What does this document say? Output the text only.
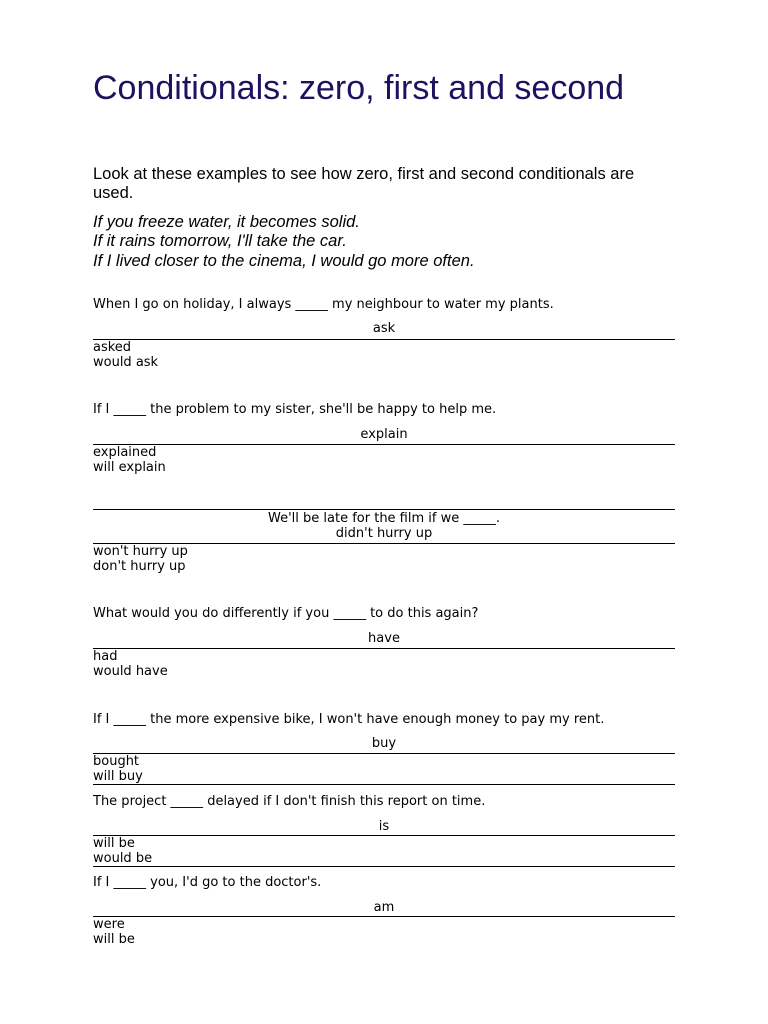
Conditionals: zero, first and second

Look at these examples to see how zero, first and second conditionals are used.

If you freeze water, it becomes solid.
If it rains tomorrow, I'll take the car.
If I lived closer to the cinema, I would go more often.
When I go on holiday, I always _____ my neighbour to water my plants.
ask
asked
would ask
If I _____ the problem to my sister, she'll be happy to help me.
explain
explained
will explain
We'll be late for the film if we _____.
didn't hurry up
won't hurry up
don't hurry up
What would you do differently if you _____ to do this again?
have
had
would have
If I _____ the more expensive bike, I won't have enough money to pay my rent.
buy
bought
will buy
The project _____ delayed if I don't finish this report on time.
is
will be
would be
If I _____ you, I'd go to the doctor's.
am
were
will be
